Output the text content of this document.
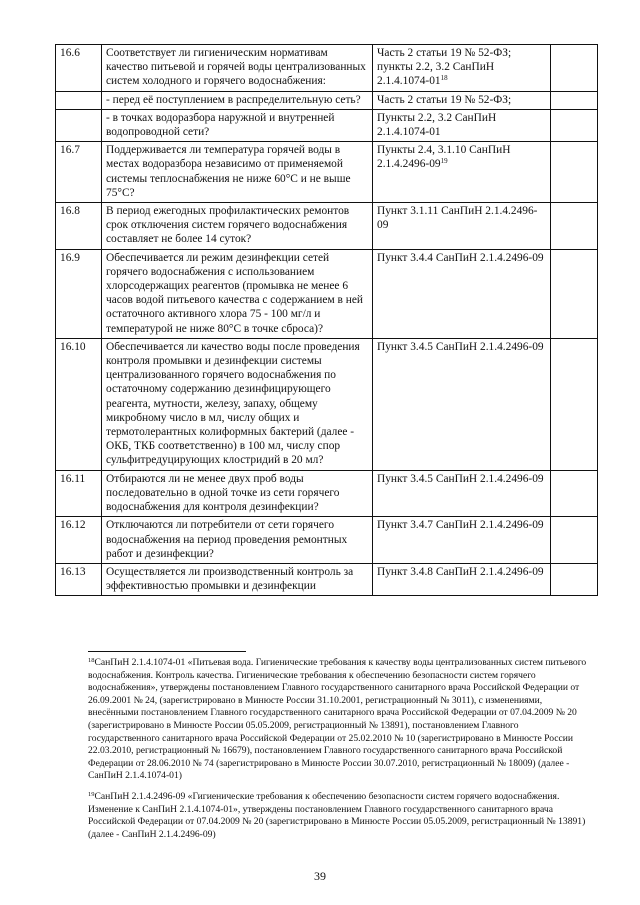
16.6	Соответствует ли гигиеническим нормативам качество питьевой и горячей воды централизованных систем холодного и горячего водоснабжения:	Часть 2 статьи 19 № 52-ФЗ; пункты 2.2, 3.2 СанПиН $2.1.4.1074-01^{18}$	
	- перед её поступлением в распределительную сеть?	Часть 2 статьи 19 № 52-ФЗ;	
	- в точках водоразбора наружной и внутренней водопроводной сети?	Пункты 2.2, 3.2 СанПиН 2.1.4.1074-01	
16.7	Поддерживается ли температура горячей воды в местах водоразбора независимо от применяемой системы теплоснабжения не ниже 60°С и не выше 75°С?	Пункты 2.4, 3.1.10 СанПиН $2.1.4.2496-09^{19}$	
16.8	В период ежегодных профилактических ремонтов срок отключения систем горячего водоснабжения составляет не более 14 суток?	Пункт 3.1.11 СанПиН 2.1.4.2496-09	
16.9	Обеспечивается ли режим дезинфекции сетей горячего водоснабжения с использованием хлорсодержащих реагентов (промывка не менее 6 часов водой питьевого качества с содержанием в ней остаточного активного хлора 75 - 100 мг/л и температурой не ниже 80°С в точке сброса)?	Пункт 3.4.4 СанПиН 2.1.4.2496-09	
16.10	Обеспечивается ли качество воды после проведения контроля промывки и дезинфекции системы централизованного горячего водоснабжения по остаточному содержанию дезинфицирующего реагента, мутности, железу, запаху, общему микробному число в мл, числу общих и термотолерантных колиформных бактерий (далее - ОКБ, ТКБ соответственно) в 100 мл, числу спор сульфитредуцирующих клостридий в 20 мл?	Пункт 3.4.5 СанПиН 2.1.4.2496-09	
16.11	Отбираются ли не менее двух проб воды последовательно в одной точке из сети горячего водоснабжения для контроля дезинфекции?	Пункт 3.4.5 СанПиН 2.1.4.2496-09	
16.12	Отключаются ли потребители от сети горячего водоснабжения на период проведения ремонтных работ и дезинфекции?	Пункт 3.4.7 СанПиН 2.1.4.2496-09	
16.13	Осуществляется ли производственный контроль за эффективностью промывки и дезинфекции	Пункт 3.4.8 СанПиН 2.1.4.2496-09	

$^{18}$СанПиН 2.1.4.1074-01 «Питьевая вода. Гигиенические требования к качеству воды централизованных систем питьевого водоснабжения. Контроль качества. Гигиенические требования к обеспечению безопасности систем горячего водоснабжения», утверждены постановлением Главного государственного санитарного врача Российской Федерации от 26.09.2001 № 24, (зарегистрировано в Минюсте России 31.10.2001, регистрационный № 3011), с изменениями, внесёнными постановлением Главного государственного санитарного врача Российской Федерации от 07.04.2009 № 20 (зарегистрировано в Минюсте России 05.05.2009, регистрационный № 13891), постановлением Главного государственного санитарного врача Российской Федерации от 25.02.2010 № 10 (зарегистрировано в Минюсте России 22.03.2010, регистрационный № 16679), постановлением Главного государственного санитарного врача Российской Федерации от 28.06.2010 № 74 (зарегистрировано в Минюсте России 30.07.2010, регистрационный № 18009) (далее - СанПиН 2.1.4.1074-01)

$^{19}$СанПиН 2.1.4.2496-09 «Гигиенические требования к обеспечению безопасности систем горячего водоснабжения. Изменение к СанПиН 2.1.4.1074-01», утверждены постановлением Главного государственного санитарного врача Российской Федерации от 07.04.2009 № 20 (зарегистрировано в Минюсте России 05.05.2009, регистрационный № 13891) (далее - СанПиН 2.1.4.2496-09)

39
